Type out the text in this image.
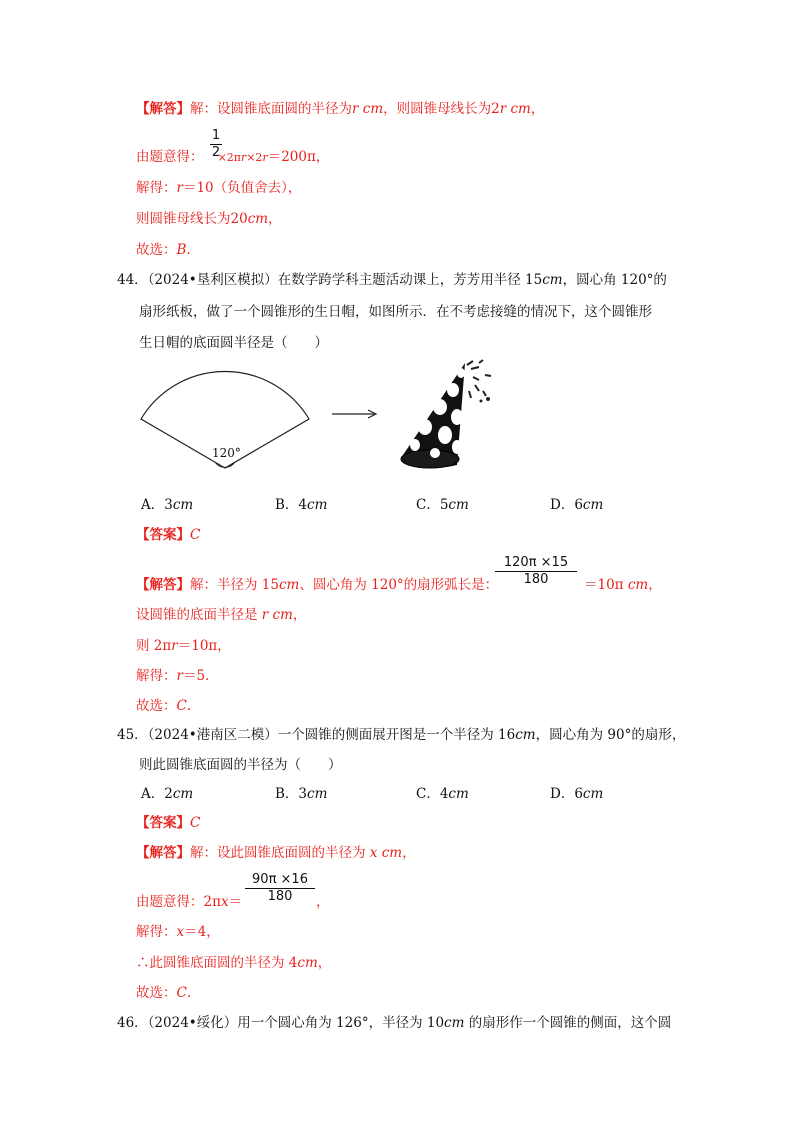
【解答】解：设圆锥底面圆的半径为r cm，则圆锥母线长为2r cm，
1
2
由题意得： ×2πr×2r＝200π，
解得：r＝10（负值舍去），
则圆锥母线长为20cm，
故选：B.
44．（2024•垦利区模拟）在数学跨学科主题活动课上，芳芳用半径 15cm，圆心角 120°的
扇形纸板，做了一个圆锥形的生日帽，如图所示．在不考虑接缝的情况下，这个圆锥形
生日帽的底面圆半径是（　　）
120°
A．3cm	B．4cm	C．5cm	D．6cm
【答案】C
120π ×15
180
【解答】解：半径为 15cm、圆心角为 120°的扇形弧长是：	＝10π cm，
设圆锥的底面半径是 r cm，
则 2πr＝10π，
解得：r＝5．
故选：C.
45．（2024•港南区二模）一个圆锥的侧面展开图是一个半径为 16cm，圆心角为 90°的扇形，
则此圆锥底面圆的半径为（　　）
A．2cm	B．3cm	C．4cm	D．6cm
【答案】C
【解答】解：设此圆锥底面圆的半径为 x cm，
90π ×16
180
由题意得：2πx＝	，
解得：x＝4，
∴此圆锥底面圆的半径为 4cm，
故选：C.
46．（2024•绥化）用一个圆心角为 126°，半径为 10cm 的扇形作一个圆锥的侧面，这个圆
